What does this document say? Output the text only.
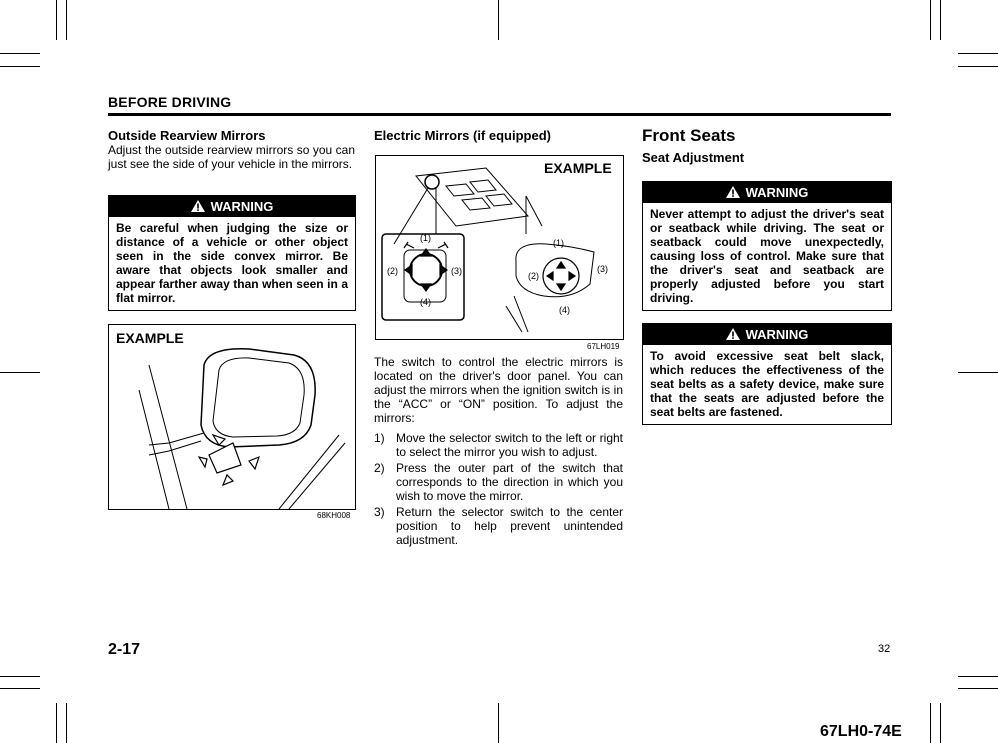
BEFORE DRIVING
Outside Rearview Mirrors
Adjust the outside rearview mirrors so you can just see the side of your vehicle in the mirrors.
WARNING
Be careful when judging the size or distance of a vehicle or other object seen in the side convex mirror. Be aware that objects look smaller and appear farther away than when seen in a flat mirror.
EXAMPLE
68KH008
Electric Mirrors (if equipped)
EXAMPLE
(1)
(2)	(3)
(4)
(1)
(2)
(3)
(4)
67LH019
The switch to control the electric mirrors is located on the driver's door panel. You can adjust the mirrors when the ignition switch is in the “ACC” or “ON” position. To adjust the mirrors:
1) Move the selector switch to the left or right to select the mirror you wish to adjust.
2) Press the outer part of the switch that corresponds to the direction in which you wish to move the mirror.
3) Return the selector switch to the center position to help prevent unintended adjustment.
Front Seats
Seat Adjustment
WARNING
Never attempt to adjust the driver's seat or seatback while driving. The seat or seatback could move unexpectedly, causing loss of control. Make sure that the driver's seat and seatback are properly adjusted before you start driving.
WARNING
To avoid excessive seat belt slack, which reduces the effectiveness of the seat belts as a safety device, make sure that the seats are adjusted before the seat belts are fastened.
2-17	32
67LH0-74E
